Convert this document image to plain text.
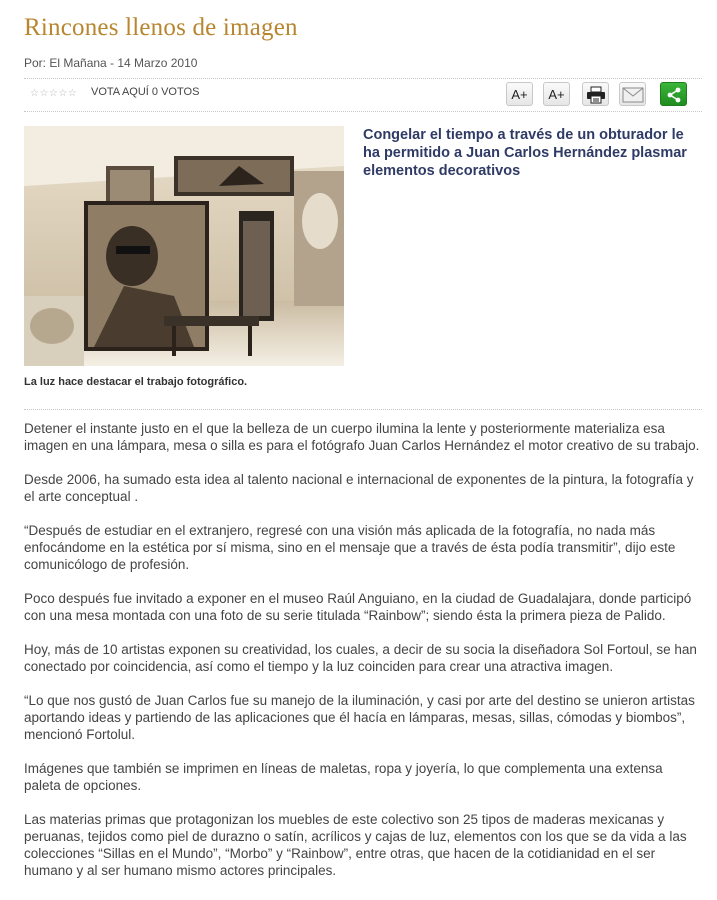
Rincones llenos de imagen
Por: El Mañana - 14 Marzo 2010
☆☆☆☆☆ VOTA AQUÍ 0 VOTOS	A+	A+
La luz hace destacar el trabajo fotográfico.

Congelar el tiempo a través de un obturador le ha permitido a Juan Carlos Hernández plasmar elementos decorativos

Detener el instante justo en el que la belleza de un cuerpo ilumina la lente y posteriormente materializa esa imagen en una lámpara, mesa o silla es para el fotógrafo Juan Carlos Hernández el motor creativo de su trabajo.

Desde 2006, ha sumado esta idea al talento nacional e internacional de exponentes de la pintura, la fotografía y el arte conceptual .

“Después de estudiar en el extranjero, regresé con una visión más aplicada de la fotografía, no nada más enfocándome en la estética por sí misma, sino en el mensaje que a través de ésta podía transmitir”, dijo este comunicólogo de profesión.

Poco después fue invitado a exponer en el museo Raúl Anguiano, en la ciudad de Guadalajara, donde participó con una mesa montada con una foto de su serie titulada “Rainbow”; siendo ésta la primera pieza de Palido.

Hoy, más de 10 artistas exponen su creatividad, los cuales, a decir de su socia la diseñadora Sol Fortoul, se han conectado por coincidencia, así como el tiempo y la luz coinciden para crear una atractiva imagen.

“Lo que nos gustó de Juan Carlos fue su manejo de la iluminación, y casi por arte del destino se unieron artistas aportando ideas y partiendo de las aplicaciones que él hacía en lámparas, mesas, sillas, cómodas y biombos”, mencionó Fortolul.

Imágenes que también se imprimen en líneas de maletas, ropa y joyería, lo que complementa una extensa paleta de opciones.

Las materias primas que protagonizan los muebles de este colectivo son 25 tipos de maderas mexicanas y peruanas, tejidos como piel de durazno o satín, acrílicos y cajas de luz, elementos con los que se da vida a las colecciones “Sillas en el Mundo”, “Morbo” y “Rainbow”, entre otras, que hacen de la cotidianidad en el ser humano y al ser humano mismo actores principales.
